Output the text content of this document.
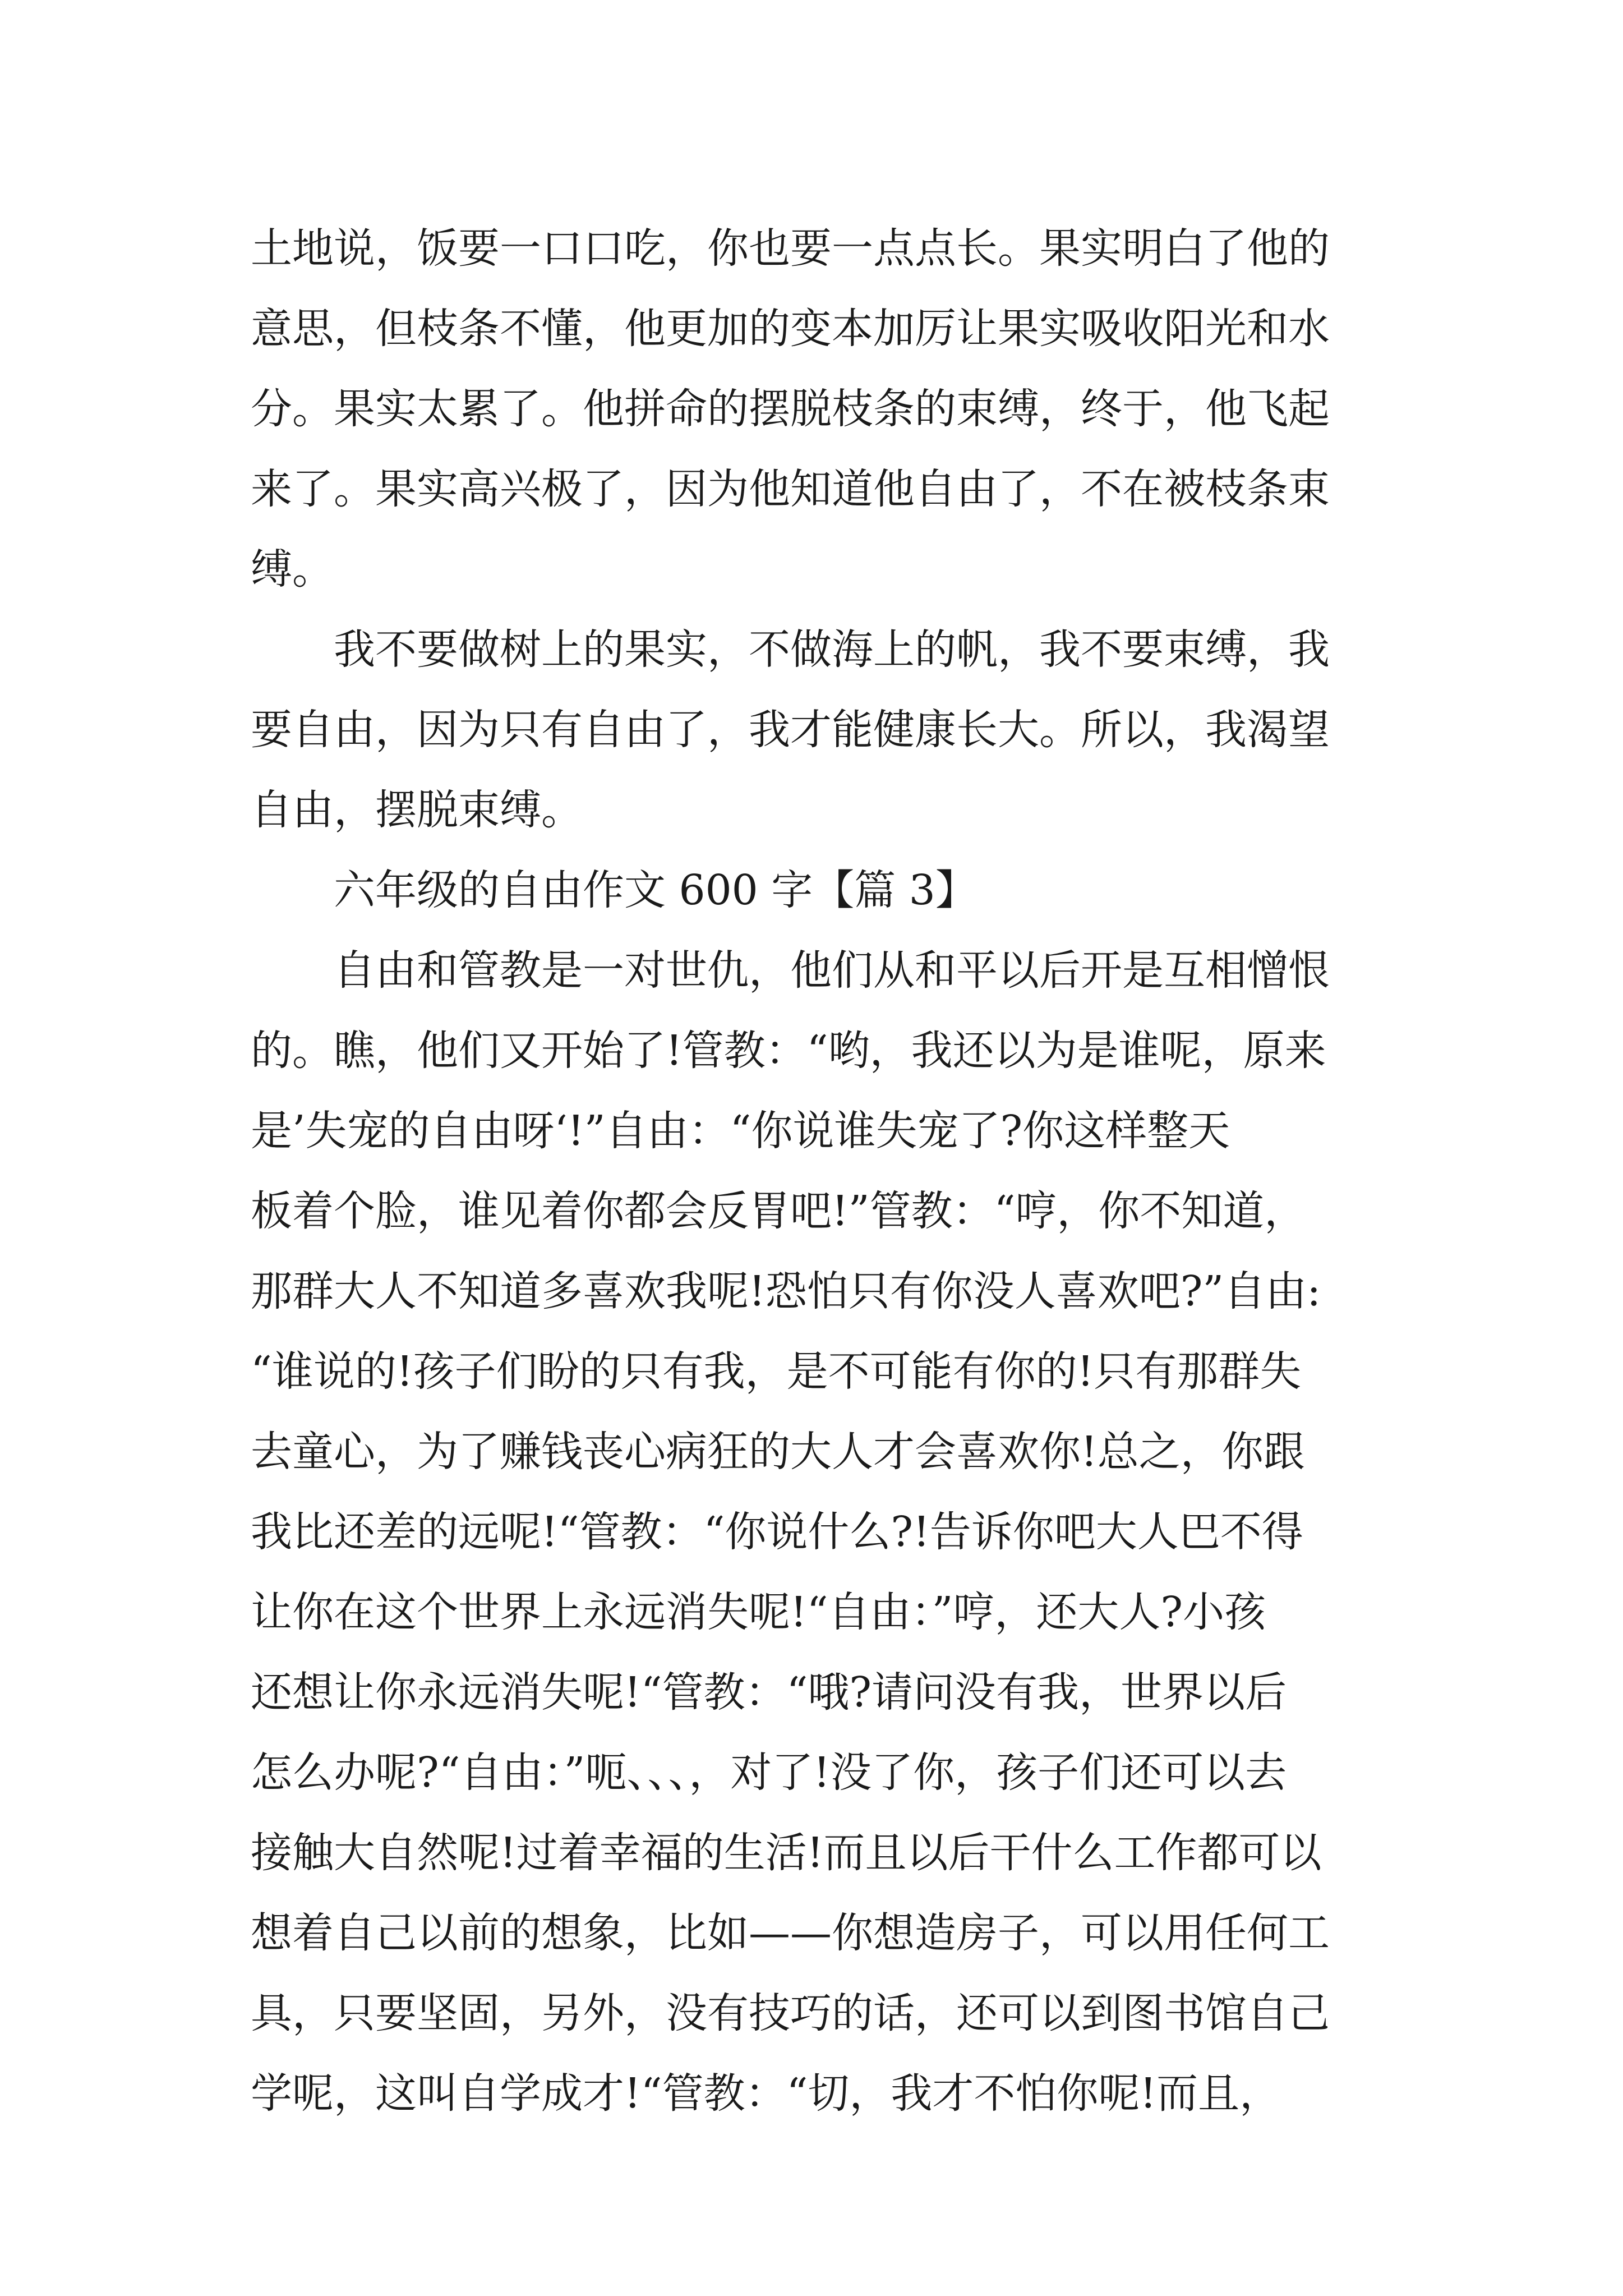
土地说，饭要一口口吃，你也要一点点长。果实明白了他的
意思，但枝条不懂，他更加的变本加厉让果实吸收阳光和水
分。果实太累了。他拼命的摆脱枝条的束缚，终于，他飞起
来了。果实高兴极了，因为他知道他自由了，不在被枝条束
缚。
我不要做树上的果实，不做海上的帆，我不要束缚，我
要自由，因为只有自由了，我才能健康长大。所以，我渴望
自由，摆脱束缚。
六年级的自由作文 600 字【篇 3】
自由和管教是一对世仇，他们从和平以后开是互相憎恨
的。瞧，他们又开始了!管教：“哟，我还以为是谁呢，原来
是’失宠的自由呀‘!”自由：“你说谁失宠了?你这样整天
板着个脸，谁见着你都会反胃吧!”管教：“哼，你不知道，
那群大人不知道多喜欢我呢!恐怕只有你没人喜欢吧?”自由:
“谁说的!孩子们盼的只有我，是不可能有你的!只有那群失
去童心，为了赚钱丧心病狂的大人才会喜欢你!总之，你跟
我比还差的远呢!“管教：“你说什么?!告诉你吧大人巴不得
让你在这个世界上永远消失呢!“自由：”哼，还大人?小孩
还想让你永远消失呢!“管教：“哦?请问没有我，世界以后
怎么办呢?“自由：”呃、、、，对了!没了你，孩子们还可以去
接触大自然呢!过着幸福的生活!而且以后干什么工作都可以
想着自己以前的想象，比如——你想造房子，可以用任何工
具，只要坚固，另外，没有技巧的话，还可以到图书馆自己
学呢，这叫自学成才!“管教：“切，我才不怕你呢!而且，
